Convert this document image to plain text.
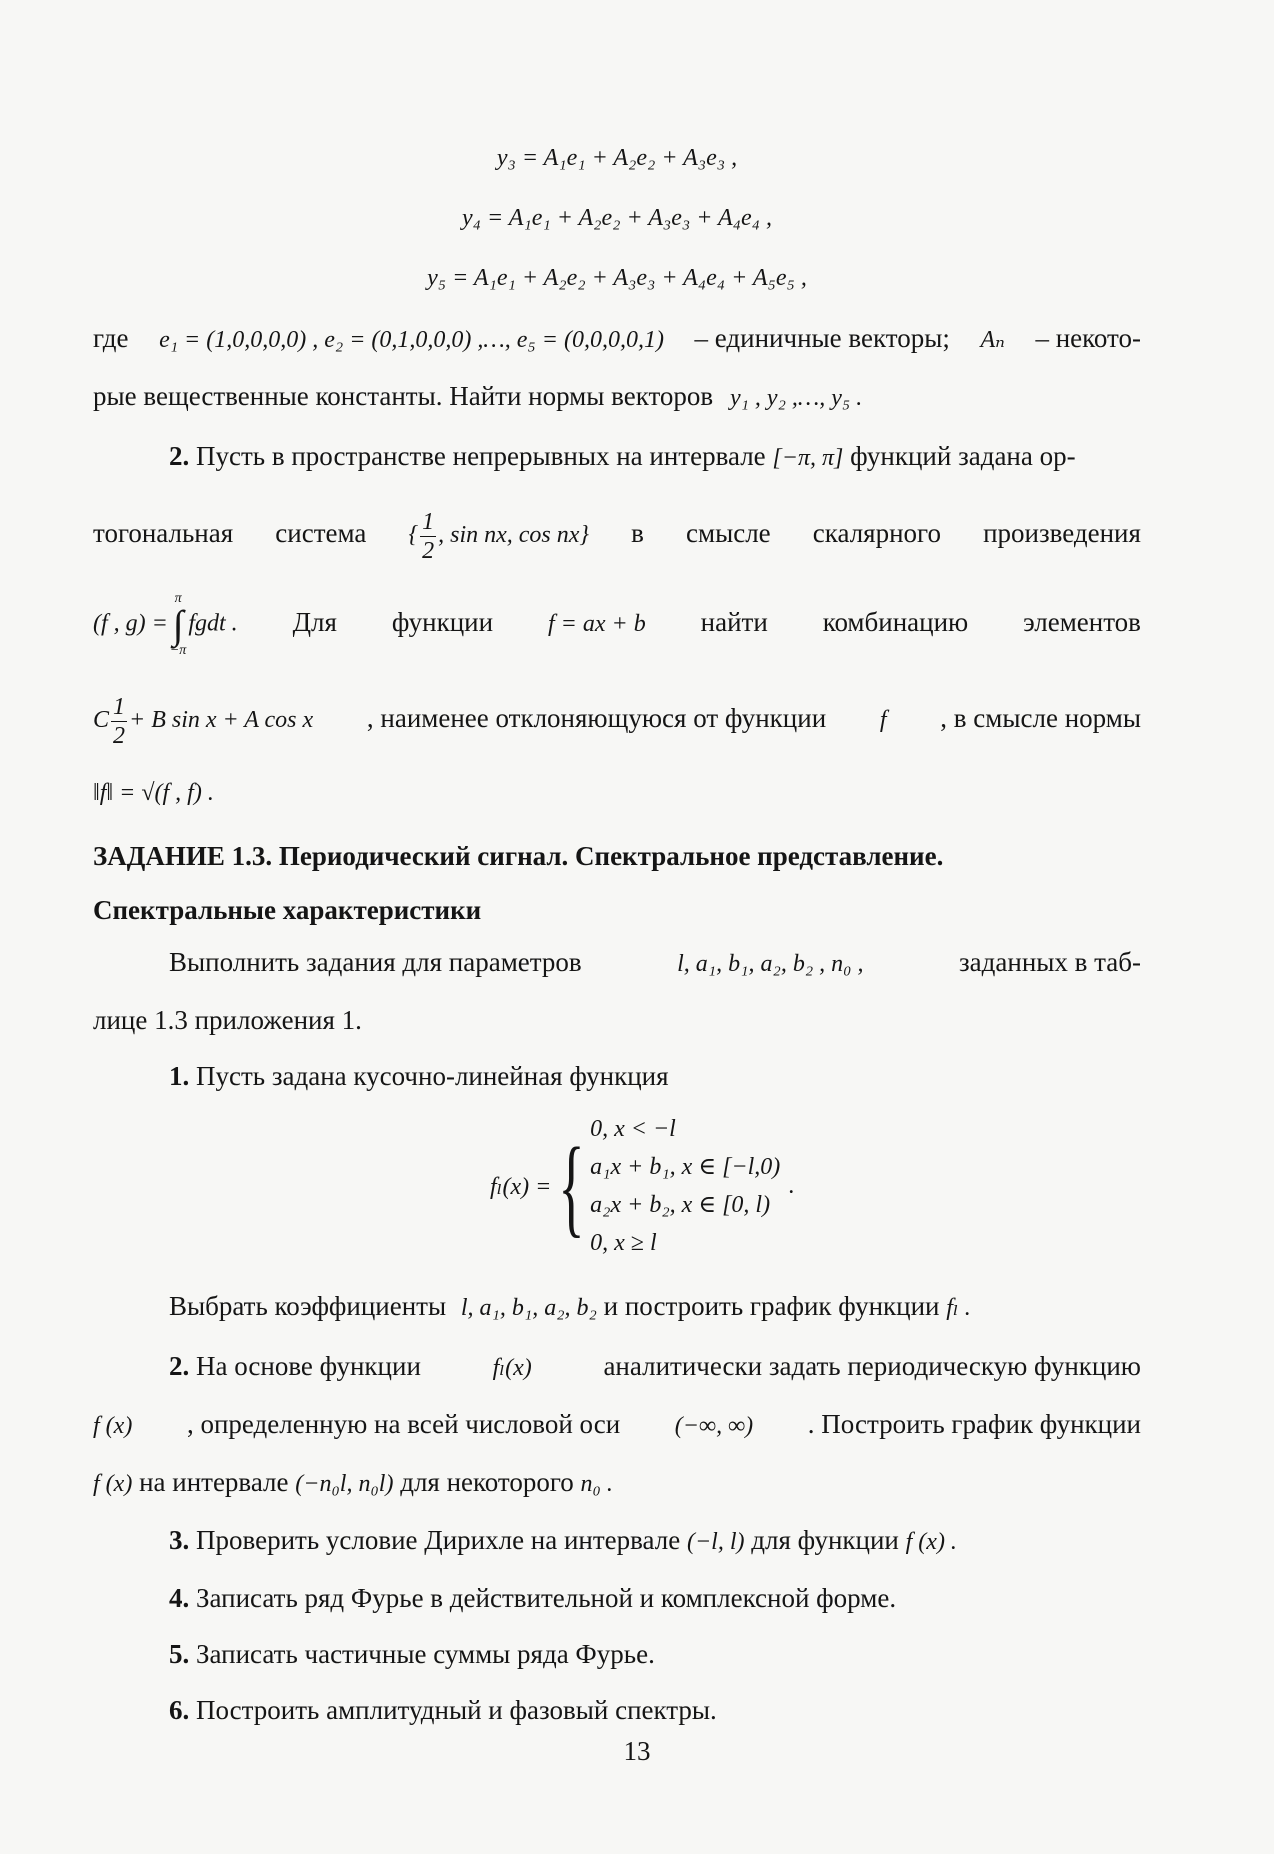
y₃ = A₁e₁ + A₂e₂ + A₃e₃ ,
y₄ = A₁e₁ + A₂e₂ + A₃e₃ + A₄e₄ ,
y₅ = A₁e₁ + A₂e₂ + A₃e₃ + A₄e₄ + A₅e₅ ,
где e₁ = (1,0,0,0,0) , e₂ = (0,1,0,0,0) ,…, e₅ = (0,0,0,0,1) – единичные векторы; Aₙ – некото-
рые вещественные константы. Найти нормы векторов y₁ , y₂ ,…, y₅ .
2. Пусть в пространстве непрерывных на интервале [−π, π] функций задана ор-
тогональная система { $\frac{1}{2}$ , sin nx, cos nx} в смысле скалярного произведения
(f , g) =
π
∫
−π
fgdt . Для функции f = ax + b найти комбинацию элементов
C $\frac{1}{2} + B$ sin x + A cos x , наименее отклоняющуюся от функции f , в смысле нормы
‖f‖ = √(f , f) .
ЗАДАНИЕ 1.3. Периодический сигнал. Спектральное представление.
Спектральные характеристики
Выполнить задания для параметров	l, a₁, b₁, a₂, b₂ , n₀ ,	заданных в таб-
лице 1.3 приложения 1.
1. Пусть задана кусочно-линейная функция
fₗ(x) = { 0, x < −l
a₁x + b₁, x ∈ [−l,0)
a₂x + b₂, x ∈ [0, l)
0, x ≥ l
.
Выбрать коэффициенты l, a₁, b₁, a₂, b₂ и построить график функции fₗ .
2. На основе функции	fₗ(x)	аналитически задать периодическую функцию
f (x) , определенную на всей числовой оси (−∞, ∞) . Построить график функции
f (x) на интервале (−n₀l, n₀l) для некоторого n₀ .
3. Проверить условие Дирихле на интервале (−l, l) для функции f (x) .
4. Записать ряд Фурье в действительной и комплексной форме.
5. Записать частичные суммы ряда Фурье.
6. Построить амплитудный и фазовый спектры.
13
